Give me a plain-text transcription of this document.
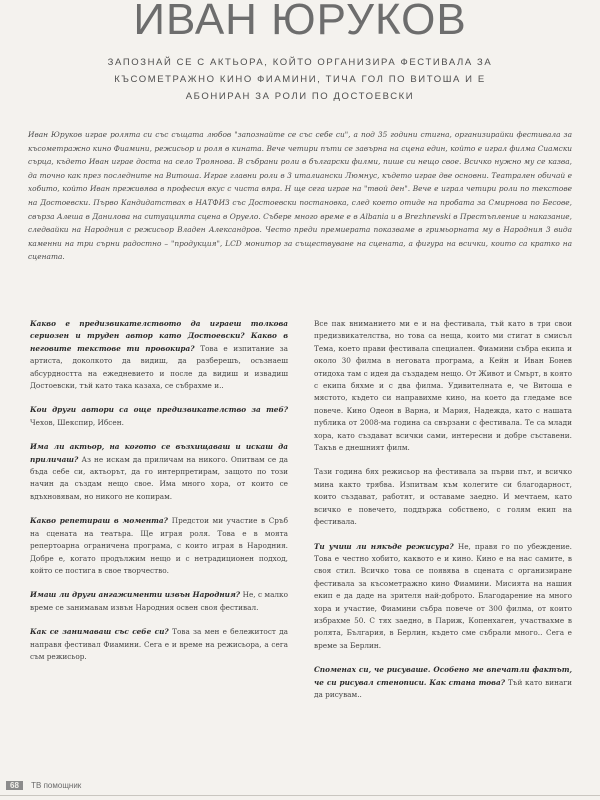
ИВАН ЮРУКОВ
ЗАПОЗНАЙ СЕ С АКТЬОРА, КОЙТО ОРГАНИЗИРА ФЕСТИВАЛА ЗА КЪСОМЕТРАЖНО КИНО ФИАМИНИ, ТИЧА ГОЛ ПО ВИТОША И Е АБОНИРАН ЗА РОЛИ ПО ДОСТОЕВСКИ
Иван Юруков играе ролята си със същата любов "запознайте се със себе си", а под 35 години стигна, организирайки фестивала за късометражно кино Фиамини, режисьор и роля в кината. Вече четири пъти се завърна на сцена един, който е играл филма Сиамски сърца, където Иван играе доста на село Троянова. В събрани роли в български филми, пише си нещо свое. Всичко нужно му се казва, да точно как през последните на Витоша. Играе главни роли в 3 италиански Люмнус, където играе две основни. Театрален обичай е хобито, който Иван преживява в професия вкус с чиста вяра. Н ще сега играе на "твой ден". Вече е играл четири роли по текстове на Достоевски. Първо Кандидатствах в НАТФИЗ със Достоевски постановка, след което отиде на пробата за Смирнова по Бесове, свърза Алеша в Данилова на ситуацията сцена в Оруело. Събере много време е в Albania и в Brezhnevski в Престъпление и наказание, следвайки на Народния с режисьор Владен Александров. Често преди премиерата показваме в гримьорната му в Народния 3 вида каменни на три сърни радостно – "продукция", LCD монитор за съществуване на сцената, а фигура на всички, които са кратко на сцената.

Какво е предизвикателството да играеш толкова сериозен и труден автор като Достоевски? Какво в неговите текстове ти провокира? Това е изпитание за артиста, доколкото да видиш, да разберешъ, осъзнаеш абсурдността на ежедневието и после да видиш и извадиш Достоевски, тъй като така казаха, се събрахме и..

Кои други автори са още предизвикателство за теб? Чехов, Шекспир, Ибсен.

Има ли актьор, на когото се възхищаваш и искаш да приличаш? Аз не искам да приличам на никого. Опитвам се да бъда себе си, актьорът, да го интерпретирам, защото по този начин да създам нещо свое. Има много хора, от които се вдъхновявам, но никого не копирам.

Какво репетираш в момента? Предстои ми участие в Сръб на сцената на театъра. Ще играя роля. Това е в моята репертоарна ограничена програма, с които играя в Народния. Добре е, когато продължим нещо и с нетрадиционен подход, който се постига в свое творчество.

Имаш ли други ангажименти извън Народния? Не, с малко време се занимавам извън Народния освен своя фестивал.

Как се занимаваш със себе си? Това за мен е бележитост да направя фестивал Фиамини. Сега е и време на режисьора, а сега съм режисьор.

Все пак вниманието ми е и на фестивала, тъй като в три свои предизвикателства, но това са неща, които ми стигат в смисъл Тема, което прави фестивала специален. Фиамини събра екипа и около 30 филма в неговата програма, а Кейн и Иван Бонев отидоха там с идея да създадем нещо. От Живот и Смърт, в която с екипа бяхме и с два филма. Удивителната е, че Витоша е мястото, където си направихме кино, на което да гледаме все повече. Кино Одеон в Варна, и Мария, Надежда, като с нашата публика от 2008-ма година са свързани с фестивала. Те са млади хора, като създават всички сами, интересни и добре съставени. Такъв е днешният филм.

Тази година бях режисьор на фестивала за първи път, и всичко мина както трябва. Изпитвам към колегите си благодарност, които създават, работят, и оставаме заедно. И мечтаем, като всичко е повечето, поддържа собствено, с голям екип на фестивала.

Ти учиш ли някъде режисура? Не, правя го по убеждение. Това е честно хобито, каквото е и кино. Кино е на нас самите, в своя стил. Всичко това се появява в сцената с организиране фестивала за късометражно кино Фиамини. Мисията на нашия екип е да даде на зрителя най-доброто. Благодарение на много хора и участие, Фиамини събра повече от 300 филма, от които избрахме 50. С тях заедно, в Париж, Копенхаген, участвахме в ролята, България, в Берлин, където сме събрали много.. Сега е време за Берлин.

Споменах си, че рисуваше. Особено ме впечатли фактът, че си рисувал стенописи. Как стана това? Тъй като винаги да рисувам..

68 ТВ помощник
